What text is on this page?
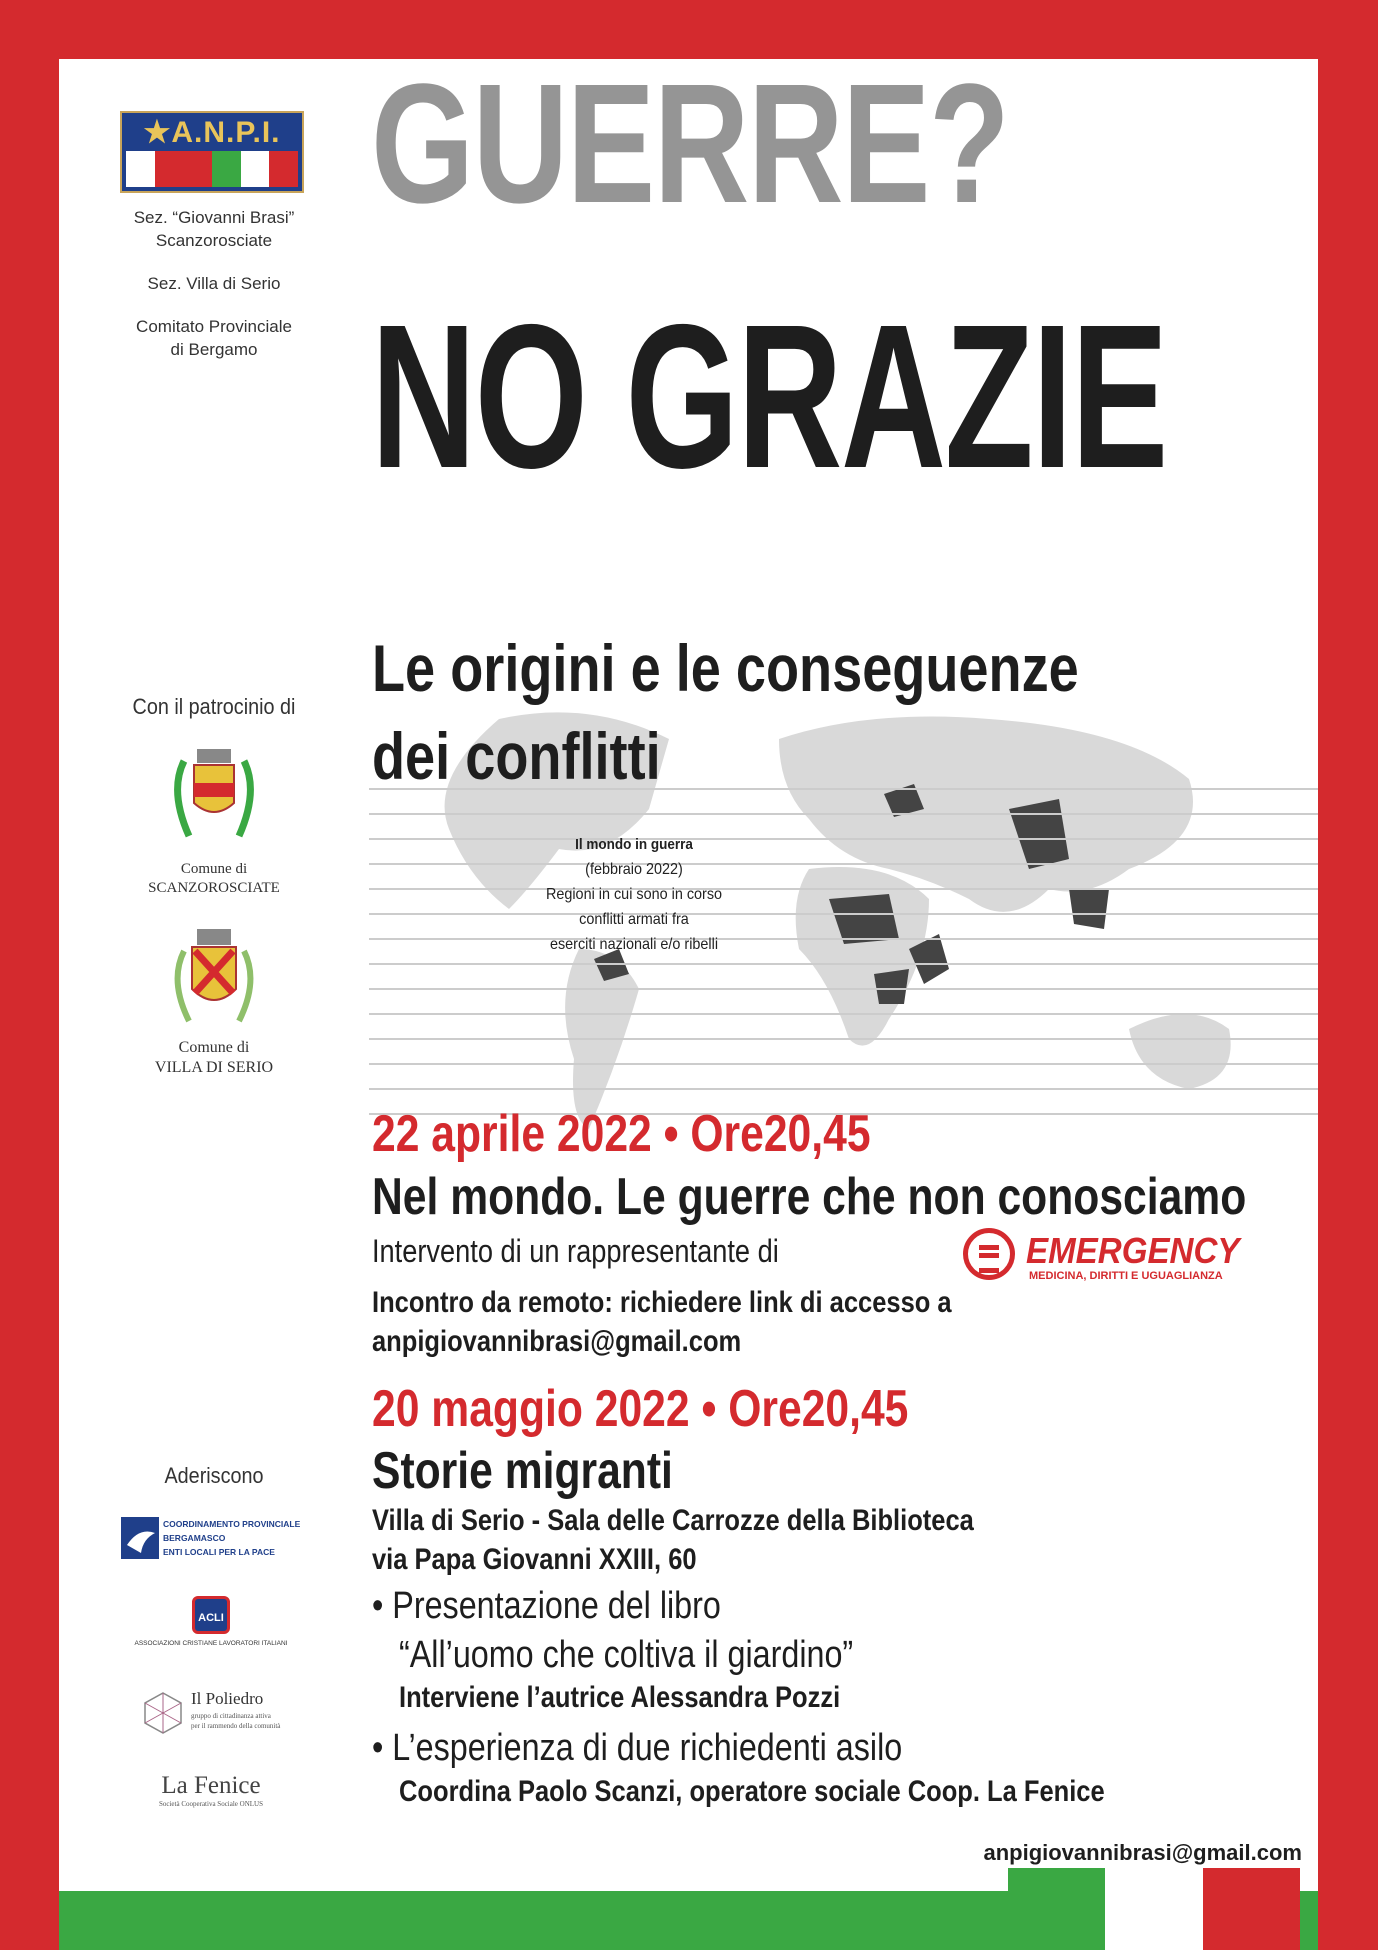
★A.N.P.I.

Sez. “Giovanni Brasi”

Scanzorosciate

Sez. Villa di Serio

Comitato Provinciale

di Bergamo

Con il patrocinio di

Comune di

SCANZOROSCIATE

Comune di

VILLA DI SERIO

Aderiscono

COORDINAMENTO PROVINCIALE
BERGAMASCO
ENTI LOCALI PER LA PACE
ACLI
ASSOCIAZIONI CRISTIANE LAVORATORI ITALIANI
Il Poliedro
gruppo di cittadinanza attiva
per il rammendo della comunità
La Fenice
Società Cooperativa Sociale ONLUS
Il mondo in guerra
(febbraio 2022)
Regioni in cui sono in corso
conflitti armati fra
eserciti nazionali e/o ribelli
GUERRE?
NO GRAZIE
Le origini e le conseguenze
dei conflitti
22 aprile 2022 • Ore20,45
Nel mondo. Le guerre che non conosciamo
Intervento di un rappresentante di	EMERGENCY
MEDICINA, DIRITTI E UGUAGLIANZA
Incontro da remoto: richiedere link di accesso a
anpigiovannibrasi@gmail.com
20 maggio 2022 • Ore20,45
Storie migranti
Villa di Serio - Sala delle Carrozze della Biblioteca
via Papa Giovanni XXIII, 60
• Presentazione del libro
“All’uomo che coltiva il giardino”
Interviene l’autrice Alessandra Pozzi
• L’esperienza di due richiedenti asilo
Coordina Paolo Scanzi, operatore sociale Coop. La Fenice
anpigiovannibrasi@gmail.com
